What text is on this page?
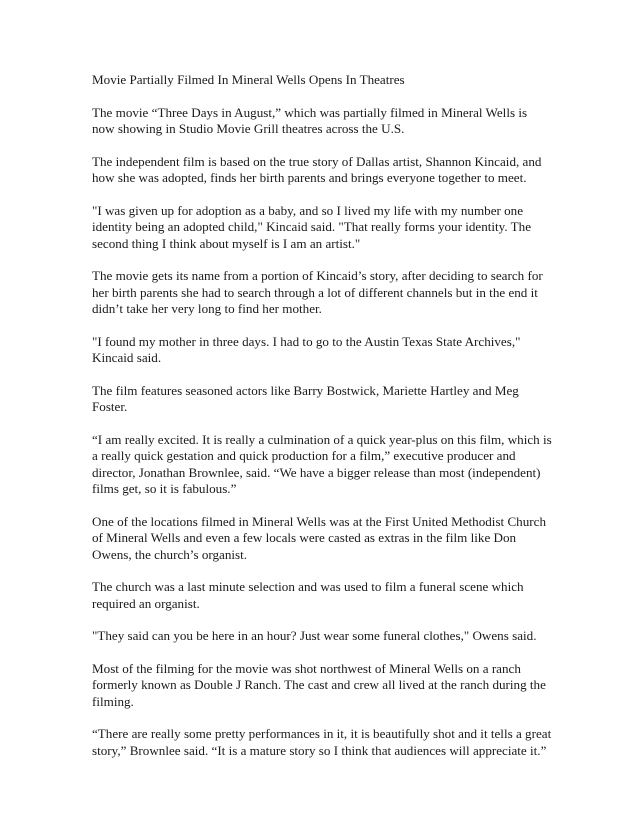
Movie Partially Filmed In Mineral Wells Opens In Theatres

The movie “Three Days in August,” which was partially filmed in Mineral Wells is now showing in Studio Movie Grill theatres across the U.S.

The independent film is based on the true story of Dallas artist, Shannon Kincaid, and how she was adopted, finds her birth parents and brings everyone together to meet.

"I was given up for adoption as a baby, and so I lived my life with my number one identity being an adopted child," Kincaid said. "That really forms your identity. The second thing I think about myself is I am an artist."

The movie gets its name from a portion of Kincaid’s story, after deciding to search for her birth parents she had to search through a lot of different channels but in the end it didn’t take her very long to find her mother.

"I found my mother in three days. I had to go to the Austin Texas State Archives," Kincaid said.

The film features seasoned actors like Barry Bostwick, Mariette Hartley and Meg Foster.

“I am really excited. It is really a culmination of a quick year-plus on this film, which is a really quick gestation and quick production for a film,” executive producer and director, Jonathan Brownlee, said. “We have a bigger release than most (independent) films get, so it is fabulous.”

One of the locations filmed in Mineral Wells was at the First United Methodist Church of Mineral Wells and even a few locals were casted as extras in the film like Don Owens, the church’s organist.

The church was a last minute selection and was used to film a funeral scene which required an organist.

"They said can you be here in an hour? Just wear some funeral clothes," Owens said.

Most of the filming for the movie was shot northwest of Mineral Wells on a ranch formerly known as Double J Ranch. The cast and crew all lived at the ranch during the filming.

“There are really some pretty performances in it, it is beautifully shot and it tells a great story,” Brownlee said. “It is a mature story so I think that audiences will appreciate it.”
